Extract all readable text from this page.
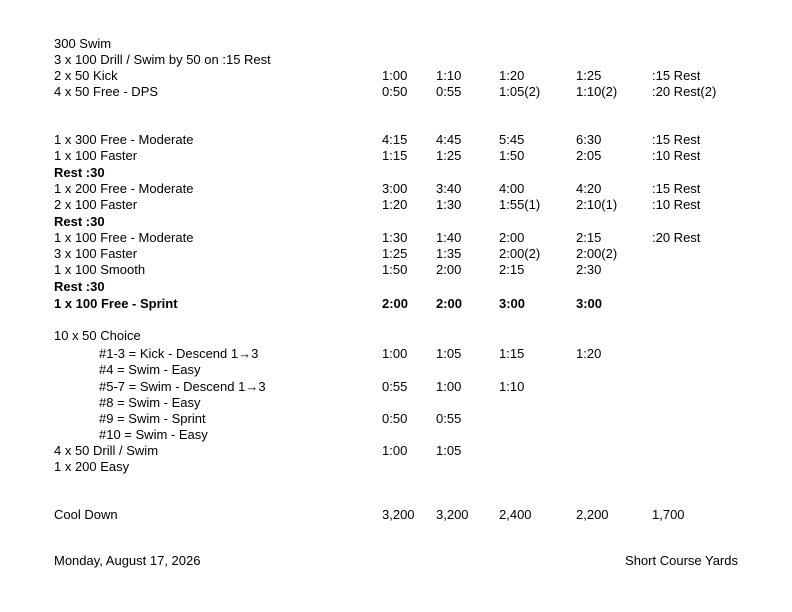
300 Swim
3 x 100 Drill / Swim by 50 on :15 Rest
2 x 50 Kick	1:00 1:10	1:20	1:25	:15 Rest
4 x 50 Free - DPS	0:50 0:55	1:05(2)	1:10(2)	:20 Rest(2)
1 x 300 Free - Moderate	4:15 4:45	5:45	6:30	:15 Rest
1 x 100 Faster	1:15 1:25	1:50	2:05	:10 Rest
Rest :30
1 x 200 Free - Moderate	3:00 3:40	4:00	4:20	:15 Rest
2 x 100 Faster	1:20 1:30	1:55(1)	2:10(1)	:10 Rest
Rest :30
1 x 100 Free - Moderate	1:30 1:40	2:00	2:15	:20 Rest
3 x 100 Faster	1:25 1:35	2:00(2)	2:00(2)
1 x 100 Smooth	1:50 2:00	2:15	2:30
Rest :30
1 x 100 Free - Sprint	2:00 2:00	3:00	3:00
10 x 50 Choice
#1-3 = Kick - Descend 1→3	1:00 1:05	1:15	1:20
#4 = Swim - Easy
#5-7 = Swim - Descend 1→3	0:55 1:00	1:10
#8 = Swim - Easy
#9 = Swim - Sprint	0:50 0:55
#10 = Swim - Easy
4 x 50 Drill / Swim	1:00 1:05
1 x 200 Easy
Cool Down	3,200 3,200 2,400	2,200	1,700
Monday, August 17, 2026	Short Course Yards
